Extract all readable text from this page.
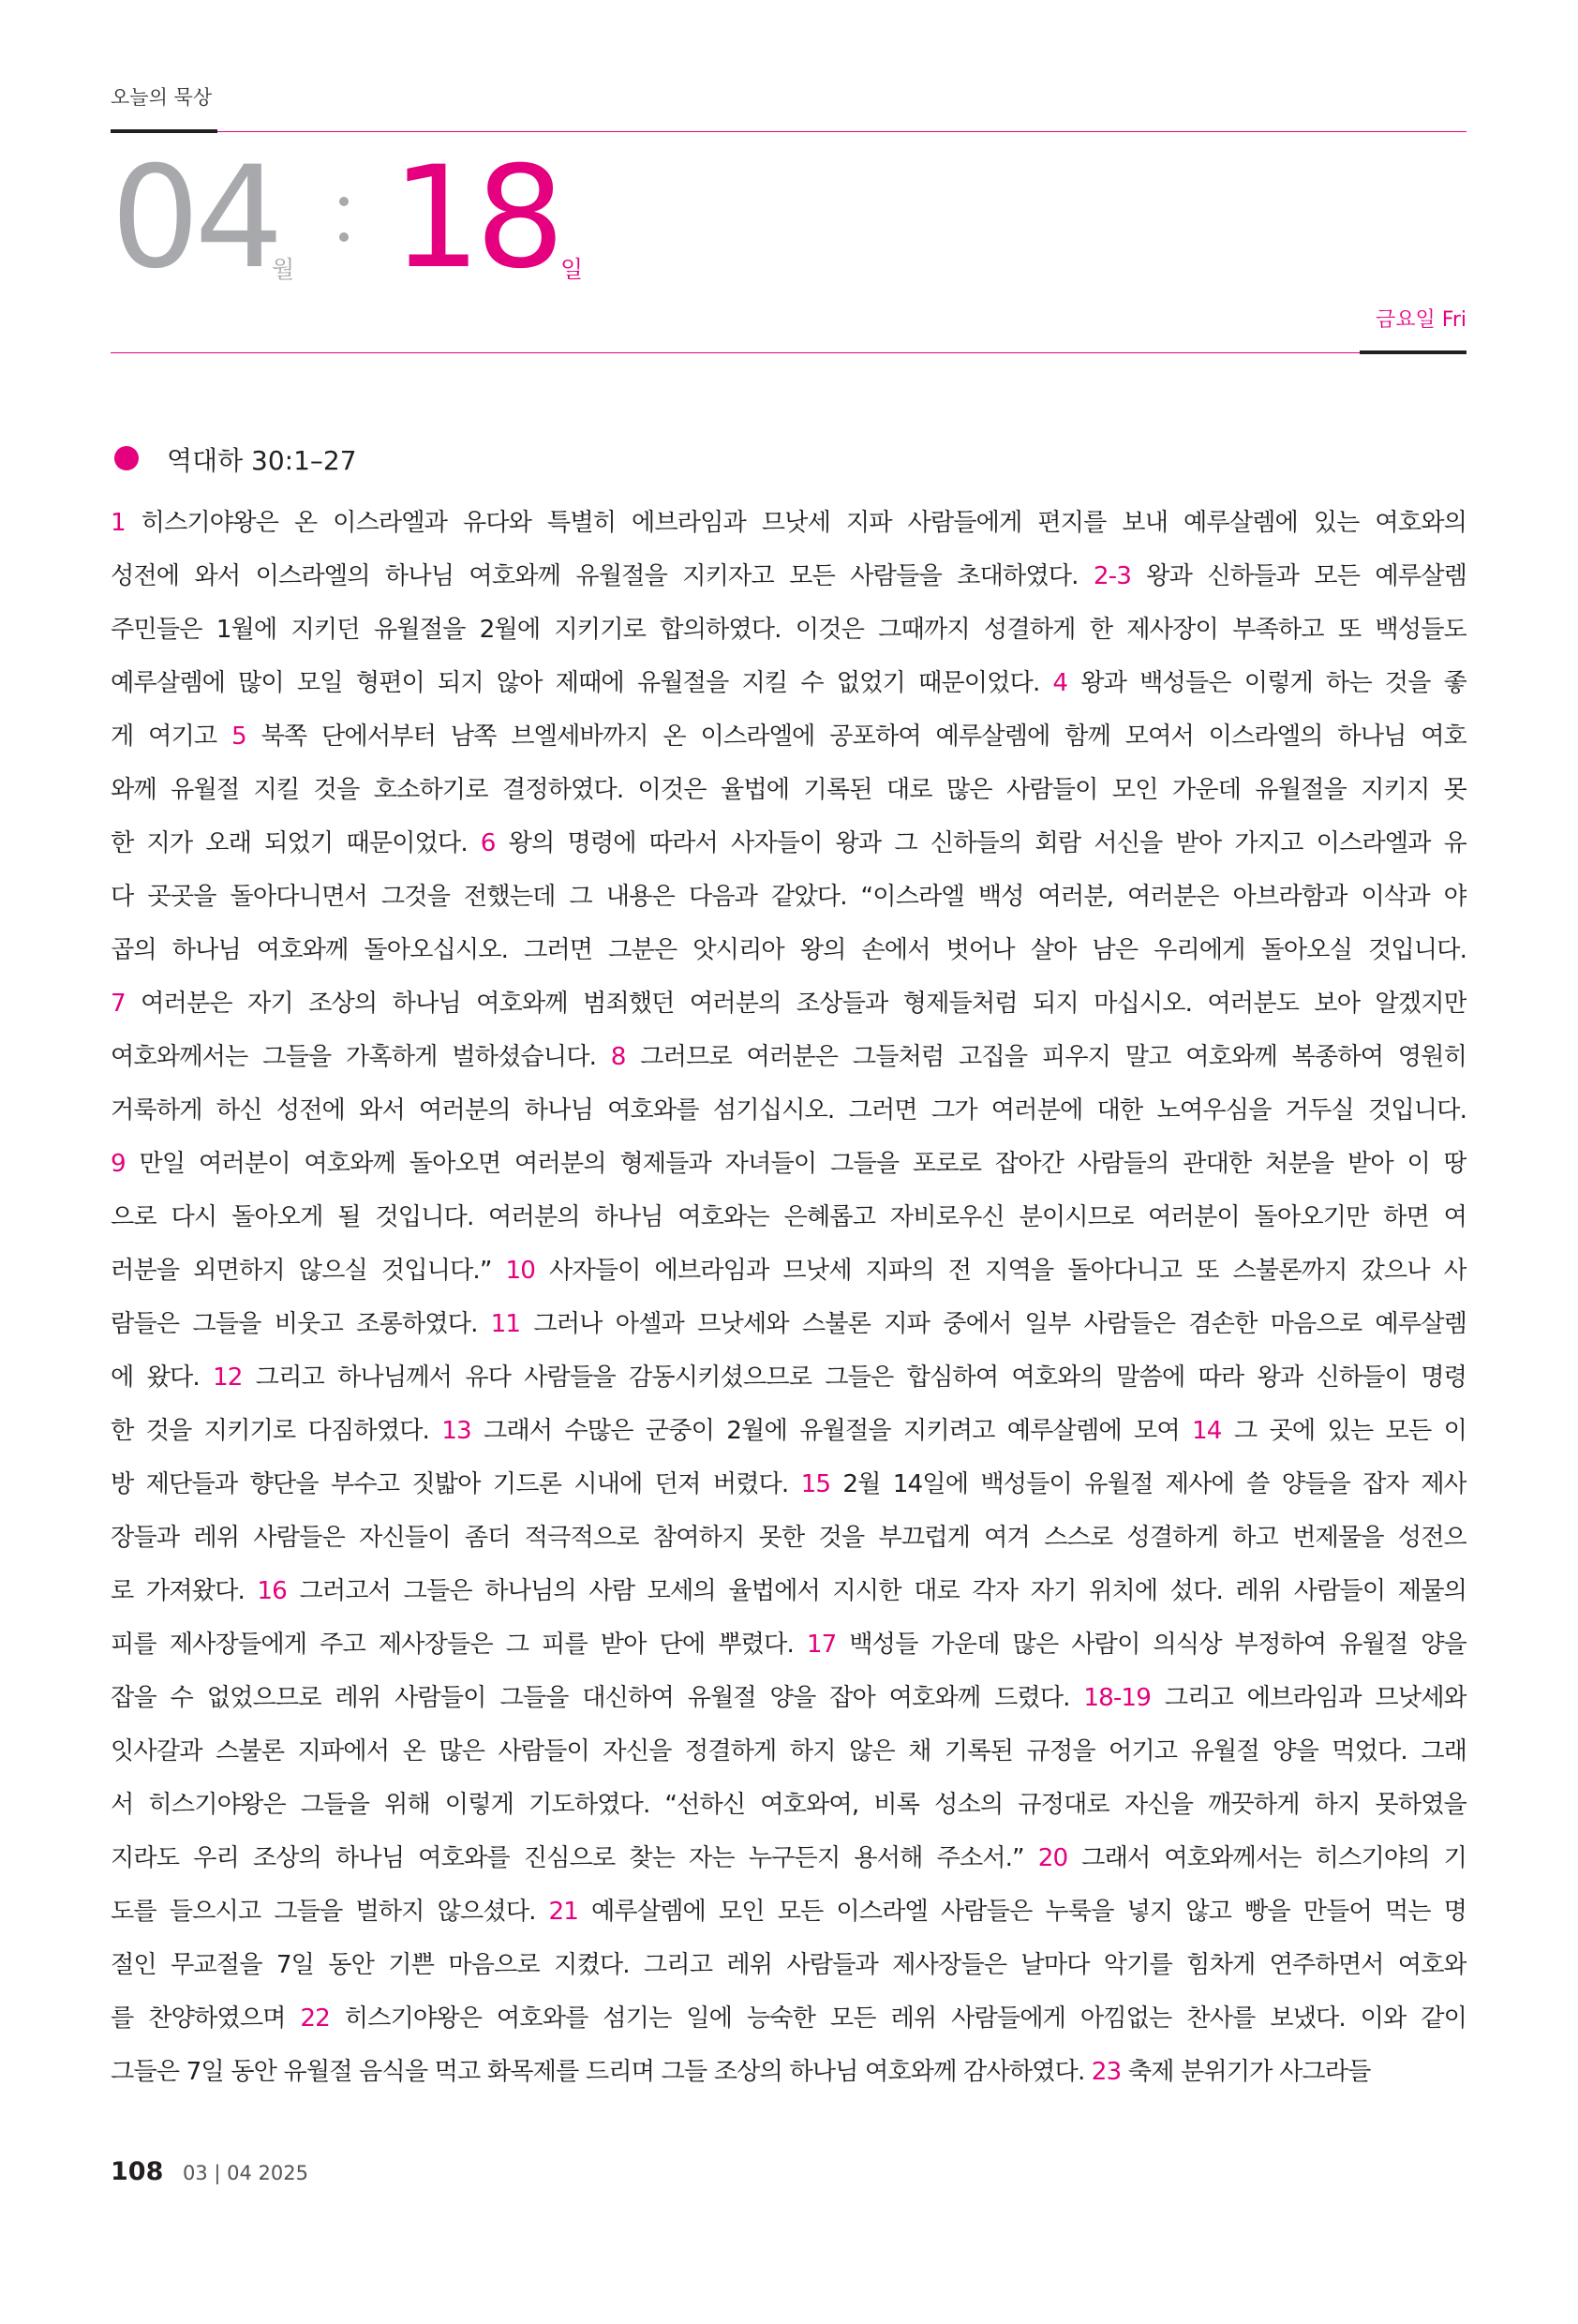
오늘의 묵상
04
월 18 일
금요일 Fri
역대하 30:1–27
1 히스기야왕은 온 이스라엘과 유다와 특별히 에브라임과 므낫세 지파 사람들에게 편지를 보내 예루살렘에 있는 여호와의
성전에 와서 이스라엘의 하나님 여호와께 유월절을 지키자고 모든 사람들을 초대하였다. 2-3 왕과 신하들과 모든 예루살렘
주민들은 1월에 지키던 유월절을 2월에 지키기로 합의하였다. 이것은 그때까지 성결하게 한 제사장이 부족하고 또 백성들도
예루살렘에 많이 모일 형편이 되지 않아 제때에 유월절을 지킬 수 없었기 때문이었다. 4 왕과 백성들은 이렇게 하는 것을 좋
게 여기고 5 북쪽 단에서부터 남쪽 브엘세바까지 온 이스라엘에 공포하여 예루살렘에 함께 모여서 이스라엘의 하나님 여호
와께 유월절 지킬 것을 호소하기로 결정하였다. 이것은 율법에 기록된 대로 많은 사람들이 모인 가운데 유월절을 지키지 못
한 지가 오래 되었기 때문이었다. 6 왕의 명령에 따라서 사자들이 왕과 그 신하들의 회람 서신을 받아 가지고 이스라엘과 유
다 곳곳을 돌아다니면서 그것을 전했는데 그 내용은 다음과 같았다. “이스라엘 백성 여러분, 여러분은 아브라함과 이삭과 야
곱의 하나님 여호와께 돌아오십시오. 그러면 그분은 앗시리아 왕의 손에서 벗어나 살아 남은 우리에게 돌아오실 것입니다.
7 여러분은 자기 조상의 하나님 여호와께 범죄했던 여러분의 조상들과 형제들처럼 되지 마십시오. 여러분도 보아 알겠지만
여호와께서는 그들을 가혹하게 벌하셨습니다. 8 그러므로 여러분은 그들처럼 고집을 피우지 말고 여호와께 복종하여 영원히
거룩하게 하신 성전에 와서 여러분의 하나님 여호와를 섬기십시오. 그러면 그가 여러분에 대한 노여우심을 거두실 것입니다.
9 만일 여러분이 여호와께 돌아오면 여러분의 형제들과 자녀들이 그들을 포로로 잡아간 사람들의 관대한 처분을 받아 이 땅
으로 다시 돌아오게 될 것입니다. 여러분의 하나님 여호와는 은혜롭고 자비로우신 분이시므로 여러분이 돌아오기만 하면 여
러분을 외면하지 않으실 것입니다.” 10 사자들이 에브라임과 므낫세 지파의 전 지역을 돌아다니고 또 스불론까지 갔으나 사
람들은 그들을 비웃고 조롱하였다. 11 그러나 아셀과 므낫세와 스불론 지파 중에서 일부 사람들은 겸손한 마음으로 예루살렘
에 왔다. 12 그리고 하나님께서 유다 사람들을 감동시키셨으므로 그들은 합심하여 여호와의 말씀에 따라 왕과 신하들이 명령
한 것을 지키기로 다짐하였다. 13 그래서 수많은 군중이 2월에 유월절을 지키려고 예루살렘에 모여 14 그 곳에 있는 모든 이
방 제단들과 향단을 부수고 짓밟아 기드론 시내에 던져 버렸다. 15 2월 14일에 백성들이 유월절 제사에 쓸 양들을 잡자 제사
장들과 레위 사람들은 자신들이 좀더 적극적으로 참여하지 못한 것을 부끄럽게 여겨 스스로 성결하게 하고 번제물을 성전으
로 가져왔다. 16 그러고서 그들은 하나님의 사람 모세의 율법에서 지시한 대로 각자 자기 위치에 섰다. 레위 사람들이 제물의
피를 제사장들에게 주고 제사장들은 그 피를 받아 단에 뿌렸다. 17 백성들 가운데 많은 사람이 의식상 부정하여 유월절 양을
잡을 수 없었으므로 레위 사람들이 그들을 대신하여 유월절 양을 잡아 여호와께 드렸다. 18-19 그리고 에브라임과 므낫세와
잇사갈과 스불론 지파에서 온 많은 사람들이 자신을 정결하게 하지 않은 채 기록된 규정을 어기고 유월절 양을 먹었다. 그래
서 히스기야왕은 그들을 위해 이렇게 기도하였다. “선하신 여호와여, 비록 성소의 규정대로 자신을 깨끗하게 하지 못하였을
지라도 우리 조상의 하나님 여호와를 진심으로 찾는 자는 누구든지 용서해 주소서.” 20 그래서 여호와께서는 히스기야의 기
도를 들으시고 그들을 벌하지 않으셨다. 21 예루살렘에 모인 모든 이스라엘 사람들은 누룩을 넣지 않고 빵을 만들어 먹는 명
절인 무교절을 7일 동안 기쁜 마음으로 지켰다. 그리고 레위 사람들과 제사장들은 날마다 악기를 힘차게 연주하면서 여호와
를 찬양하였으며 22 히스기야왕은 여호와를 섬기는 일에 능숙한 모든 레위 사람들에게 아낌없는 찬사를 보냈다. 이와 같이
그들은 7일 동안 유월절 음식을 먹고 화목제를 드리며 그들 조상의 하나님 여호와께 감사하였다. 23 축제 분위기가 사그라들
108 03 | 04 2025
